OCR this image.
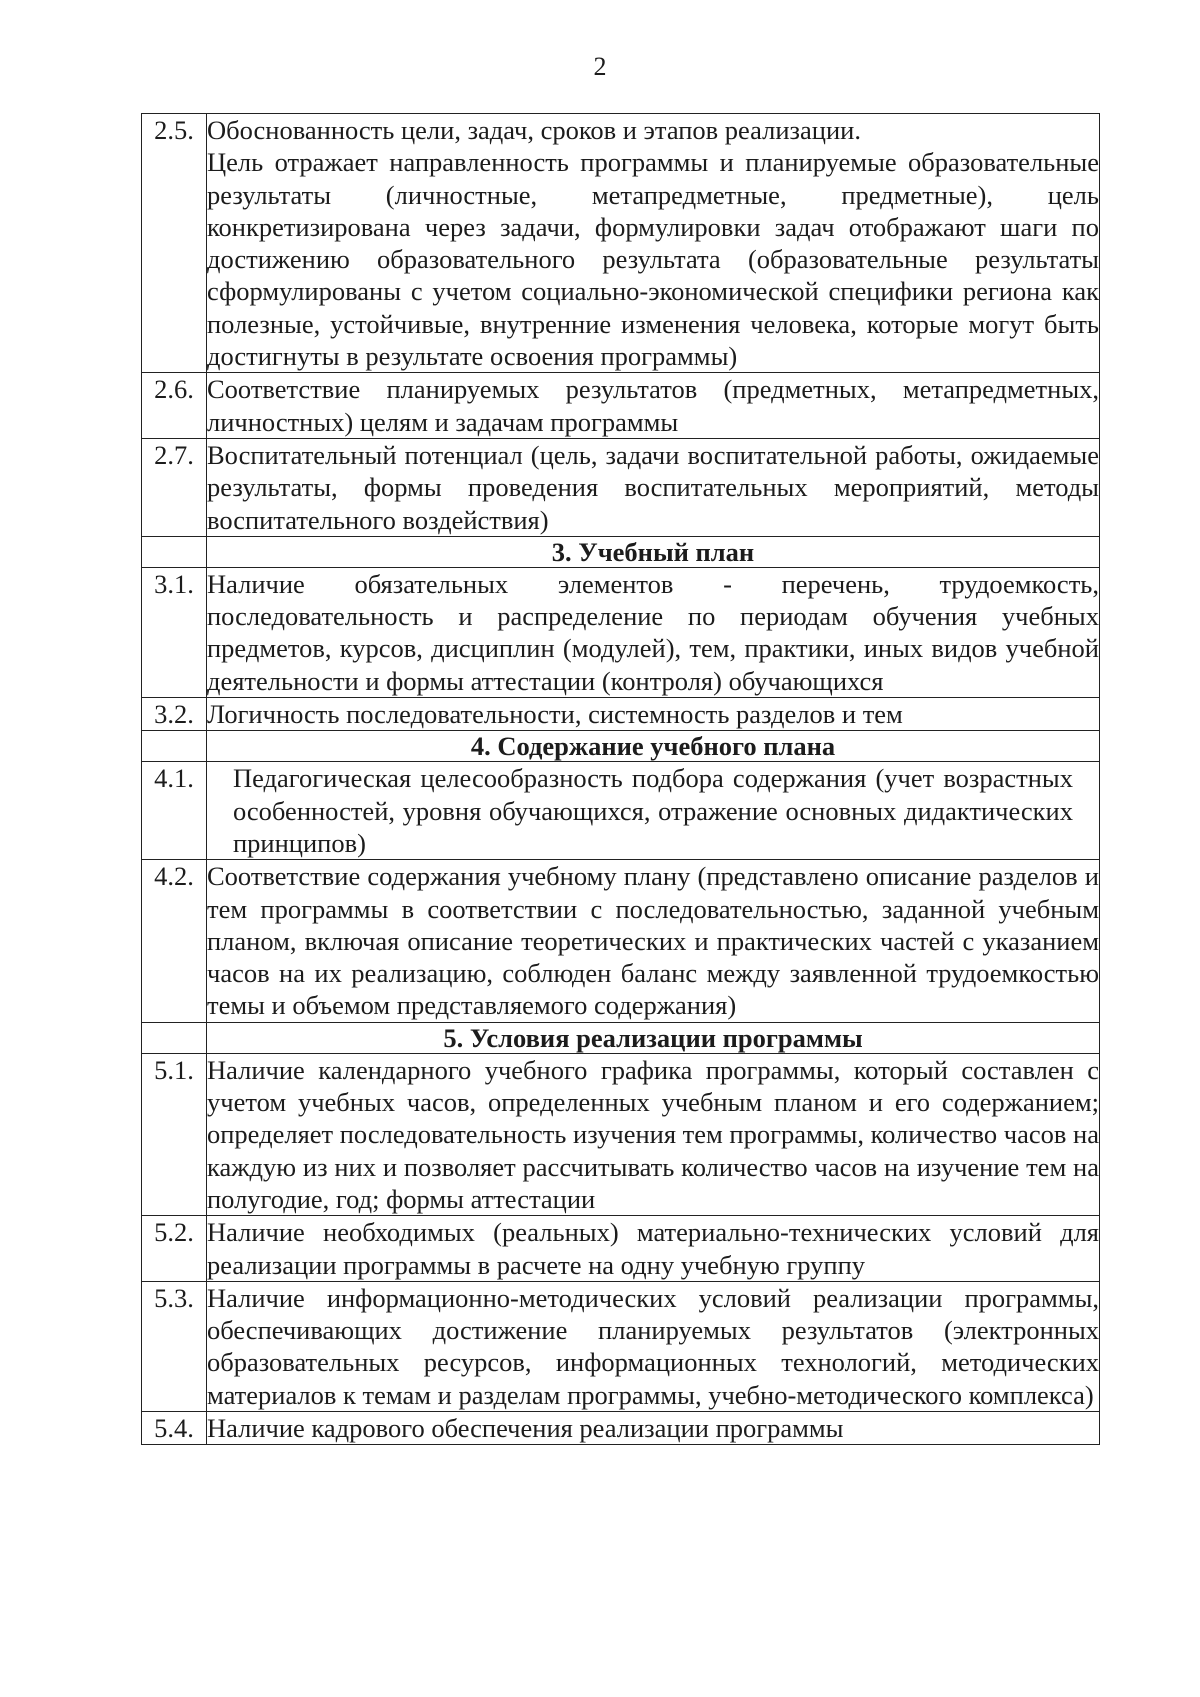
2
2.5.	Обоснованность цели, задач, сроков и этапов реализации.
Цель отражает направленность программы и планируемые образовательные результаты (личностные, метапредметные, предметные), цель конкретизирована через задачи, формулировки задач отображают шаги по достижению образовательного результата (образовательные результаты сформулированы с учетом социально-экономической специфики региона как полезные, устойчивые, внутренние изменения человека, которые могут быть достигнуты в результате освоения программы)

2.6.	Соответствие планируемых результатов (предметных, метапредметных, личностных) целям и задачам программы

2.7.	Воспитательный потенциал (цель, задачи воспитательной работы, ожидаемые результаты, формы проведения воспитательных мероприятий, методы воспитательного воздействия)

	3. Учебный план
3.1.	Наличие обязательных элементов - перечень, трудоемкость, последовательность и распределение по периодам обучения учебных предметов, курсов, дисциплин (модулей), тем, практики, иных видов учебной деятельности и формы аттестации (контроля) обучающихся

3.2.	Логичность последовательности, системность разделов и тем

	4. Содержание учебного плана
4.1.	Педагогическая целесообразность подбора содержания (учет возрастных особенностей, уровня обучающихся, отражение основных дидактических принципов)

4.2.	Соответствие содержания учебному плану (представлено описание разделов и тем программы в соответствии с последовательностью, заданной учебным планом, включая описание теоретических и практических частей с указанием часов на их реализацию, соблюден баланс между заявленной трудоемкостью темы и объемом представляемого содержания)

	5. Условия реализации программы
5.1.	Наличие календарного учебного графика программы, который составлен с учетом учебных часов, определенных учебным планом и его содержанием; определяет последовательность изучения тем программы, количество часов на каждую из них и позволяет рассчитывать количество часов на изучение тем на полугодие, год; формы аттестации

5.2.	Наличие необходимых (реальных) материально-технических условий для реализации программы в расчете на одну учебную группу

5.3.	Наличие информационно-методических условий реализации программы, обеспечивающих достижение планируемых результатов (электронных образовательных ресурсов, информационных технологий, методических материалов к темам и разделам программы, учебно-методического комплекса)

5.4.	Наличие кадрового обеспечения реализации программы
